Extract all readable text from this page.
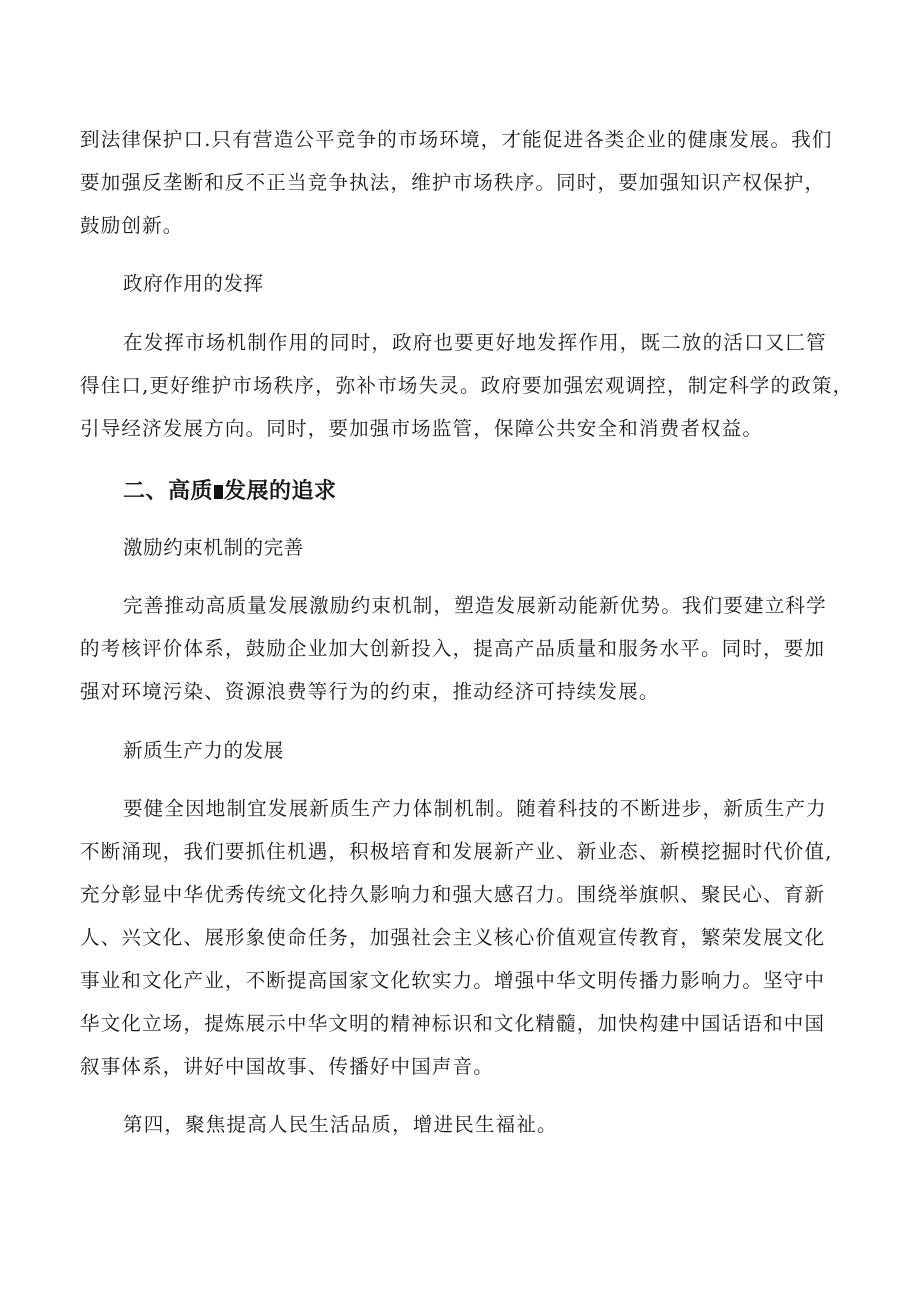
到法律保护口.只有营造公平竞争的市场环境，才能促进各类企业的健康发展。我们
要加强反垄断和反不正当竞争执法，维护市场秩序。同时，要加强知识产权保护，
鼓励创新。
政府作用的发挥
在发挥市场机制作用的同时，政府也要更好地发挥作用，既二放的活口又匚管
得住口,更好维护市场秩序，弥补市场失灵。政府要加强宏观调控，制定科学的政策，
引导经济发展方向。同时，要加强市场监管，保障公共安全和消费者权益。
二、高质 发展的追求
激励约束机制的完善
完善推动高质量发展激励约束机制，塑造发展新动能新优势。我们要建立科学
的考核评价体系，鼓励企业加大创新投入，提高产品质量和服务水平。同时，要加
强对环境污染、资源浪费等行为的约束，推动经济可持续发展。
新质生产力的发展
要健全因地制宜发展新质生产力体制机制。随着科技的不断进步，新质生产力
不断涌现，我们要抓住机遇，积极培育和发展新产业、新业态、新模挖掘时代价值,
充分彰显中华优秀传统文化持久影响力和强大感召力。围绕举旗帜、聚民心、育新
人、兴文化、展形象使命任务，加强社会主义核心价值观宣传教育，繁荣发展文化
事业和文化产业，不断提高国家文化软实力。增强中华文明传播力影响力。坚守中
华文化立场，提炼展示中华文明的精神标识和文化精髓，加快构建中国话语和中国
叙事体系，讲好中国故事、传播好中国声音。
第四，聚焦提高人民生活品质，增进民生福祉。
